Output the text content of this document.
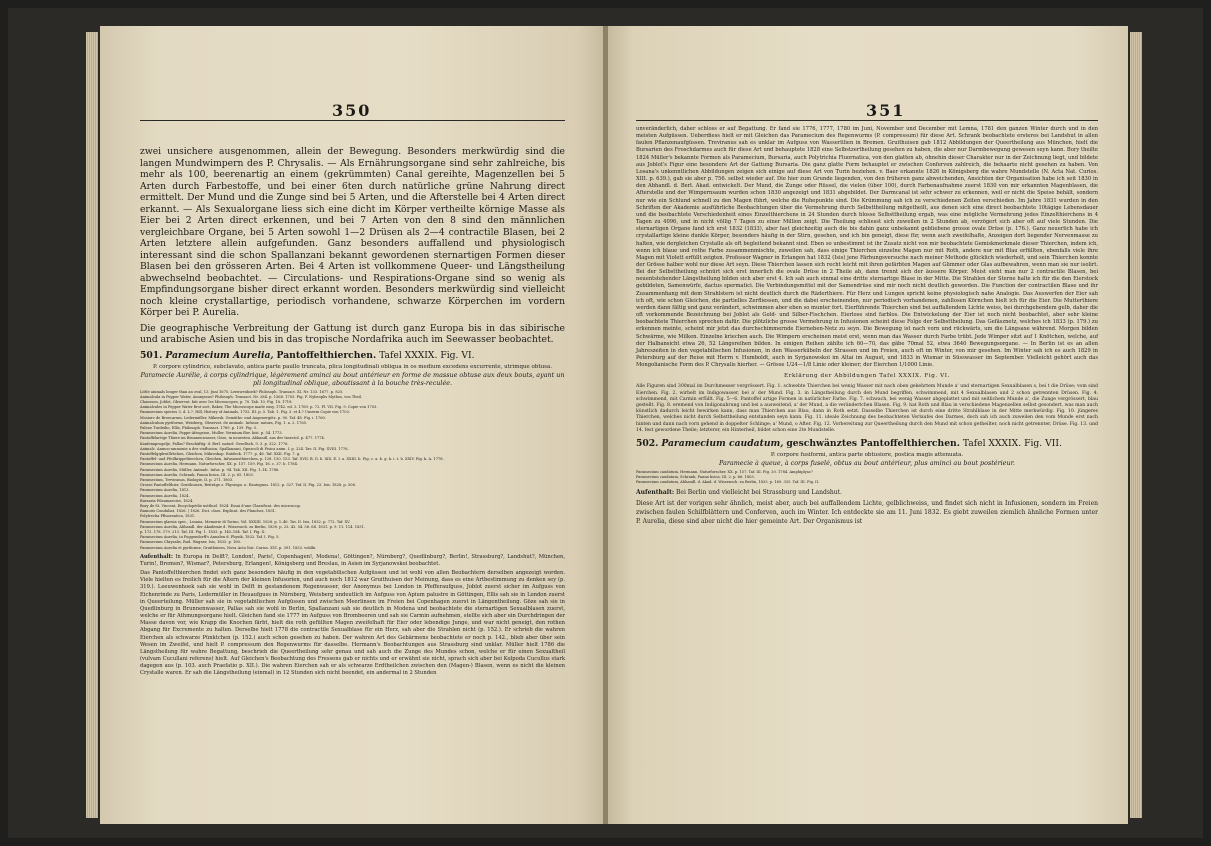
350

zwei unsichere ausgenommen, allein der Bewegung. Besonders merkwürdig sind die langen Mundwimpern des P. Chrysalis. — Als Ernährungsorgane sind sehr zahlreiche, bis mehr als 100, beerenartig an einem (gekrümmten) Canal gereihte, Magenzellen bei 5 Arten durch Farbestoffe, und bei einer 6ten durch natürliche grüne Nahrung direct ermittelt. Der Mund und die Zunge sind bei 5 Arten, und die Afterstelle bei 4 Arten direct erkannt. — Als Sexualorgane liess sich eine dicht im Körper vertheilte körnige Masse als Eier bei 2 Arten direct erkennen, und bei 7 Arten von den 8 sind den männlichen vergleichbare Organe, bei 5 Arten sowohl 1—2 Drüsen als 2—4 contractile Blasen, bei 2 Arten letztere allein aufgefunden. Ganz besonders auffallend und physiologisch interessant sind die schon Spallanzani bekannt gewordenen sternartigen Formen dieser Blasen bei den grösseren Arten. Bei 4 Arten ist vollkommene Queer- und Längstheilung abwechselnd beobachtet. — Circulations- und Respirations-Organe sind so wenig als Empfindungsorgane bisher direct erkannt worden. Besonders merkwürdig sind vielleicht noch kleine crystallartige, periodisch vorhandene, schwarze Körperchen im vordern Körper bei P. Aurelia.

Die geographische Verbreitung der Gattung ist durch ganz Europa bis in das sibirische und arabische Asien und bis in das tropische Nordafrika auch im Seewasser beobachtet.

501. Paramecium Aurelia, Pantoffelthierchen. Tafel XXXIX. Fig. VI.

P. corpore cylindrico, subclavato, antica parte paullo truncata, plica longitudinali obliqua in os medium excedens excurrente, utrimque obtusa.

Paramecie Aurélie, à corps cylindrique, légèrement aminci au bout antérieur en forme de massue obtuse aux deux bouts, ayant un pli longitudinal oblique, aboutissant à la bouche très-reculée.

Little animals longer than an oval, 13. Juni 1675, Leeuwenhoek? Philosoph. Transact. XI. Nr. 133. 1677. p. 825.

Animalcula in Pepper Water, Anonymus? Philosoph. Transact. Nr. 284. p. 1368. 1703. Fig. F. Nyheoplis Mythos, von Theil.

Chausson, Joblot, Observat. fait avec les Microscopes, p. 70. Tab. 10. Fig. 18. 1718.

Animalcules in Pepper Water first sort, Baker, The Microscope made easy, 1742. ed. 3. 1769. p. 72. Pl. VII. Fig. 9. Copie von 1703.

Paramecium species 3, d. L.?, Hill, History of Animals, 1752. III. p. 5. Tab. 1. Fig. 3. et 4.? Unserm Copie von 1703.

Mosiorc de Broecarum, Ledermüller, Mikrosk. Gemüths- und Augenergötz. p. 90. Taf. 48. Fig. i. 1760.

Animalculum pyriforme, Weisberg, Observat. de animalc. Infusor. natura, Fig. 1. a. 2. 1765.

Paleae Turdeilio, Ellis, Philosoph. Transact. 1769. p. 139. Fig. 5.

Paramecium Aurelia, Pappe-Afrogeion, Muller, Vermium fluv. hist. p. 54. 1773.

Pantoffelartige Thiere im Brunnenwasser, Göze, in neuesten. Abhandl. aus der Insectol. p. 477. 1774.

Kanfenaprogelje, Pallas? Beschäftig. d. Berl. naturf. Gesellsch. 9, 3. p. 322. 1776.

Animalc. Anmoo-ammonie a des vinflusion, Spallanzani, Opuscoli di Fisica anim. I. p. 224. Tav. II. Fig. XVIII. 1776.

Pantoffelgiphwillrhchen, Gleichen, Mikroskop. Entdeck. 1777. p. 46. Taf. XXII. Fig. 7. g.

Pantoffel- und Pfeilkrippeltierchen, Gleichen, Infusionsthierchen, p. 128. 130. 153. Taf. XVII. B. D. b. XIX. E. I. a. XXIII. b. Fig. c. a. b. g. k. i. t. b. XXIV. Fig. k. A. 1778.

Paramecium Aurelia, Hermann, Naturforscher, XX. p. 157. 159. Fig. 16. c. 37. b. 1784.

Paramecium Aurelia, Müller, Animalc. Infus. p. 94. Tab. XII. Fig. 1–14. 1786.

Paramecium Aurelia, Schrank, Fauna boica, III. 2. p. 65. 1803.

Paramecium, Treviranus, Biologie, II. p. 271. 1803.

Grosse Pantoffelthier, Gruithuisen, Beiträge z. Physiogn. u. Eautognos. 1812. p. 327. Taf. II. Fig. 23. Isis. 1828. p. 506.

Paramecium Aurelia, 1813.

Paramecium Aurelia, 1824.

Bursaria Pilaumaecies, 1824.

Bory de St. Vincent, Encyclopédie méthod. 1824. Essai d'une Classificat. des microscop.

Ramoris Conduliat, 1826. | 1826. Dict. class. Explicat. des Planches, 1831.

Polytrecha Pfluornatica, 1831.

Paramecium glaesia spec., Losana, Memorie di Torino, Vol. XXXIII. 1828. p. 1–46. Tav. II. Isis, 1832. p. 772. Taf. XV.

Paramecium Aurelia, Abhandl. der Akademie d. Wissensch. zu Berlin, 1830. p. 23. 43. 54. 56. 64. 1831. p. 9. 11. 114. 1831.

p. 172. 178. 179. 213. Taf. III. Fig. 1. 1833. p. 145–184. Taf. I. Fig. X.

Paramecium Aurelia, in Poggendorff's Annalen d. Physik, 1832. Taf. I. Fig. 5.

Paramecium Chrysalis, Rud. Wagner, Isis, 1833. p. 160.

Paramecium Aurelia et pyriforme, Gruithuisen, Nova Acta Nat. Curios. XVI. p. 391. 1833. vohlbi.

Aufenthalt: In Europa in Delft?, London!, Paris!, Copenhagen!, Modena!, Göttingen?, Nürnberg?, Quedlinburg?, Berlin!, Strassburg?, Landshut?, München, Turin!, Bremen?, Wismar?, Petersburg, Erlangen!, Königsberg und Breslau, in Asien im Syrjanowskoi beobachtet.

Das Pantoffelthierchen findet sich ganz besonders häufig in den vegetabilischen Aufgüssen und ist wohl von allen Beobachtern derselben angezeigt worden. Viele hielten es freilich für die Altern der kleinen Infusorien, und auch noch 1812 war Gruithuisen der Meinung, dass es eine Artbestimmung zu denken sey (p. 319.). Leeuwenhoek sah sie wohl in Delft in gestandenem Regenwasser, der Anonymus bei London in Pfefferaufguss, Joblot zuerst sicher im Aufguss von Eichenrinde zu Paris, Ledermüller in Heuaufguss in Nürnberg, Weisberg undeutlich im Aufguss von Apium palustre in Göttingen, Ellis sah sie in London zuerst in Queerteilung. Müller sah sie in vegetabilischen Aufgüssen und zwischen Meerlinsen im Freien bei Copenhagen zuerst in Längentheilung. Göze sah sie in Quedlinburg in Brunnenwasser, Pallas sah sie wohl in Berlin, Spallanzani sah sie deutlich in Modena und beobachtete die sternartigen Sexualblasen zuerst, welche er für Athmungsorgane hielt. Gleichen fand sie 1777 im Aufguss von Brombeeren und sah sie Carmin aufnehmen, stellte sich aber ein Durchdringen der Masse davon vor, wie Krapp die Knochen färbt, hielt die roth gefüllten Magen zweifelhaft für Eier oder lebendige Junge, und war nicht geneigt, den rothen Abgang für Excremente zu halten. Derselbe hielt 1778 die contractile Sexualblase für ein Herz, sah aber die Strahlen nicht (p. 152.). Er schrieb die wahren Eierchen als schwarze Pünktchen (p. 152.) auch schon gesehen zu haben. Der wahren Art des Gebärmens beobachtete er noch p. 142., blieb aber über sein Wesen im Zweifel, und hielt P. compressum den Regenwurms für dasselbe. Hermann's Beobachtungen aus Strassburg sind unklar. Müller hielt 1786 die Längstheilung für wahre Begattung, beschrieb die Queertheilung sehr genau und sah auch die Zunge des Mundes schon, welche er für einen Sexualtheil (vulvam Cucullani referens) hielt. Auf Gleichen's Beobachtung des Fressens gab er nichts und er erwähnt sie nicht, sprach sich aber bei Kolpoda Cucullus stark dagegen aus (p. 103. auch Praefatio p. XII.). Die wahren Eierchen sah er als schwarze Erdtheilchen zwischen den (Magen-) Blasen, wenn es nicht die kleinen Crystalle waren. Er sah die Längstheilung (einmal) in 12 Stunden sich nicht beendet, ein andermal in 2 Stunden

351

unveränderlich, daher schloss er auf Begattung. Er fand sie 1776, 1777, 1780 im Juni, November und December mit Lemna, 1781 den ganzen Winter durch und in den meisten Aufgüssen. Ueberdiess hielt er mit Gleichen das Paramecium des Regenwurms (P. compressum) für diese Art. Schrank beobachtete ersteres bei Landshut in allen faulen Pflanzenaufgüssen. Treviranus sah es unklar im Aufguss von Wasserlilien in Bremen. Gruithuisen gab 1812 Abbildungen der Queertheilung aus München, hielt die Bursarien des Froschdarmes auch für diese Art und behauptete 1828 eine Selbstzertheilung gesehen zu haben, die aber nur Darmbewegung gewesen seyn kann. Bory theilte 1824 Müller's bekannte Formen als Paramecium, Bursaria, auch Polytrichia Fluornatica, von den glatten ab, ohnehin dieser Charakter nur in der Zeichnung liegt, und bildete aus Joblot's Figur eine besondere Art der Gattung Bursaria. Die ganz glatte Form behauptet er zwischen Conferven zahlreich, die behaarte nicht gesehen zu haben. Von Losana's unkenntlichen Abbildungen zeigen sich einige auf diese Art von Turin beziehen. v. Baer erkannte 1826 in Königsberg die wahre Mundstelle (N. Acta Nat. Curios. XIII. p. 639.), gab sie aber p. 756. selbst wieder auf. Die hier zum Grunde liegenden, von den früheren ganz abweichenden, Ansichten der Organisation habe ich seit 1830 in den Abhandl. d. Berl. Akad. entwickelt. Der Mund, die Zunge oder Rüssel, die vielen (über 100), durch Farbenaufnahme zuerst 1830 von mir erkannten Magenblasen, die Afterstelle und der Wimpernsaum wurden schon 1830 angezeigt und 1831 abgebildet. Der Darmcanal ist sehr schwer zu erkennen, weil er nicht die Speise behält, sondern nur wie ein Schlund schnell zu den Magen führt, welche die Ruhepunkte sind. Die Krümmung sah ich zu verschiedenen Zeiten verschieden. Im Jahre 1831 wurden in den Schriften der Akademie ausführliche Beobachtungen über die Vermehrung durch Selbsttheilung mitgetheilt, aus denen sich eine direct beobachtete 10tägige Lebensdauer und die beobachtete Verschiedenheit eines Einzelthierchens in 24 Stunden durch blosse Selbsttheilung ergab, was eine mögliche Vermehrung jedes Einzelthierchens in 4 Tagen zu 4096, und in nicht völlig 7 Tagen zu einer Million zeigt. Die Theilung schliesst sich zuweilen in 2 Stunden ab, verzögert sich aber oft auf viele Stunden. Die sternartigen Organe fand ich erst 1832 (1833), aber fast gleichzeitig auch die bis dahin ganz unbekannt gebliebene grosse ovale Drüse (p. 176.). Ganz neuerlich habe ich crystallartige kleine dunkle Körper, besonders häufig in der Stirn, gesehen, und ich bin geneigt, diese für, wenn auch zweifelhafte, Anzeigen dort liegender Nervenmasse zu halten, wie dergleichen Crystalle als oft begleitend bekannt sind. Eben so unbestimmt ist ihr Zusatz nicht von mir beobachtete Gemiskmerkmale dieser Thierchen, indem ich, wenn ich blaue und rothe Farbe zusammenmischte, zuweilen sah, dass einige Thierchen einzelne Magen nur mit Roth, andere nur mit Blau erfüllten, ebenfalls viele ihre Magen mit Violett erfüllt zeigten. Professor Wagner in Erlangen hat 1832 (Isis) jene Färbungsversuche nach meiner Methode glücklich wiederholt, und sein Thierchen konnte der Grösse halber wohl nur diese Art seyn. Diese Thierchen lassen sich recht leicht mit ihren gefärbten Magen auf Glimmer oder Glas aufbewahren, wenn man sie nur isolirt. Bei der Selbsttheilung schnürt sich erst innerlich die ovale Drüse in 2 Theile ab, dann trennt sich der äussere Körper. Meist sieht man nur 2 contractile Blasen, bei neuentstehender Längstheilung bilden sich aber erst 4. Ich sah auch einmal eine dritte sternartige Blase in der Mitte. Die Strahlen der Sterne halte ich für die den Eierstock gebildeten, Samenwürfe, dactus spermatici. Die Verbindungsmittel mit der Samendrüse sind mir noch nicht deutlich geworden. Die Function der contractilen Blase und ihr Zusammenhang mit dem Strahlstern ist nicht deutlich durch die Räderthiere. Für Herz und Lungen spricht keine physiologisch nahe Analogie. Das Auswerfen der Eier sah ich oft, wie schon Gleichen, die partielles Zerfliessen, und die dabei erscheinenden, nur periodisch vorhandenen, zahllosen Körnchen hielt ich für die Eier. Die Mutterthiere werden dann fältig und ganz verändert, schwimmen aber eben so munter fort. Eierführende Thierchen sind bei auffallendem Lichte weiss, bei durchgehendem gelb, daher die oft vorkommende Bezeichnung bei Joblot als Gold- und Silber-Fischchen. Eierlose sind farblos. Die Entwickelung der Eier ist noch nicht beobachtet, aber sehr kleine beobachtete Thierchen sprechen dafür. Die plötzliche grosse Vermehrung in Infusionen scheint diese Folge der Selbsttheilung. Das Gefäsznetz, welches ich 1833 (p. 179.) zu erkennen meinte, scheint mir jetzt das durchschimmernde Eierneben-Netz zu seyn. Die Bewegung ist nach vorn und rückwärts, um die Längsaxe während. Morgen bilden Schwärme, wie Milken. Einzelne kriechen auch. Die Wimpern erscheinen meist erst, wenn man das Wasser durch Farbe trübt. Jede Wimper sitzt auf 1 Knötchen, welche, auf der Halbansicht etwa 26, 52 Längsreihen bilden. In einigen Reihen zählte ich 60—70, das gäbe 70mal 52, etwa 3640 Bewegungsorgane. — In Berlin ist es an allen Jahreszeiten in den vegetabilischen Infusionen, in den Wasserkübeln der Strassen und im Freien, auch oft im Winter, von mir gesehen. Im Winter sah ich es auch 1829 in Petersburg auf der Reise mit Herrn v. Humboldt, auch in Syrjanowskoi im Altai im August, und 1833 in Wismar in Süsswasser im September. Vielleicht gehört auch das Mongolianische Form des P. Chrysalis hierher. — Grösse 1/24—1/8 Linie oder kleiner; der Eierchen 1/1000 Linie.

Erklärung der Abbildungen Tafel XXXIX. Fig. VI.

Alle Figuren sind 300mal im Durchmesser vergrössert. Fig. 1. schwebte Thierchen bei wenig Wasser mit nach oben gekehrtem Munde a' und sternartigen Sexualblasen s, bei t die Drüse; vom sind Eierchen. Fig. 2. wirbelt im Indigowasser, bei a' der Mund. Fig. 3. in Längstheilung durch den Mund begriffen, schwimmend, mit 4 Sexualblasen und 2 schon getrennten Drüsen. Fig. 4. schwimmend, mit Carmin erfüllt. Fig. 5—6. Pantoffel artige Formen in natürlicher Farbe. Fig. 7. schwach, bei wenig Wasser abgeplattet und mit seitlichem Munde a', die Zunge vergrössert, blau gestellt. Fig. 8. eremend von Indigonahrung und bei a ausweitend, a' der Mund, a die verändertchen Blasen. Fig. 9. hat Roth und Blau in verschiedene Magenzellen selbst gesondert, was man auch künstlich dadurch leicht bewirken kann, dass man Thierchen aus Blau, dann in Roth setzt. Dasselbe Thierchen ist durch eine dritte Strahlblase in der Mitte merkwürdig. Fig. 10. jüngeres Thierchen, welches nicht durch Selbsttheilung entstanden seyn kann. Fig. 11. ideale Zeichnung des beobachteten Verlaufes des Darmes, doch sah ich auch zuweilen den vom Munde erst nach hinten und dann nach vorn gehend in doppelter Schlinge; a' Mund, o After. Fig. 12. Vorbereitung zur Queertheilung durch den Mund mit schon getheilter, noch nicht getrennter, Drüse. Fig. 13. und 14. fest gewordene Theile; letzterer, ein Hinterheil, bildet schon eine 2te Mundstelle.

502. Paramecium caudatum, geschwänztes Pantoffelthierchen. Tafel XXXIX. Fig. VII.

P. corpore fusiformi, antica parte obtusiore, postica magis attenuata.

Paramecie à queue, à corps fuselé, obtus au bout antérieur, plus aminci au bout postérieur.

Paramecium caudatum, Hermann, Naturforscher, XX. p. 157. Taf. III. Fig. 20. 1784. Amphiplyac?

Paramecium caudatum, Schrank, Fauna boica, III. 2. p. 66. 1803.

Paramecium caudatum, Abhandl. d. Akad. d. Wissensch. zu Berlin, 1833. p. 169. 335. Taf. III. Fig. II.

Aufenthalt: Bei Berlin und vielleicht bei Strassburg und Landshut.

Diese Art ist der vorigen sehr ähnlich, meist aber, auch bei auffallendem Lichte, gelblichweiss, und findet sich nicht in Infusionen, sondern im Freien zwischen faulen Schilfblättern und Conferven, auch im Winter. Ich entdeckte sie am 11. Juni 1832. Es giebt zuweilen ziemlich ähnliche Formen unter P. Aurelia, diese sind aber nicht die hier gemeinte Art. Der Organismus ist
